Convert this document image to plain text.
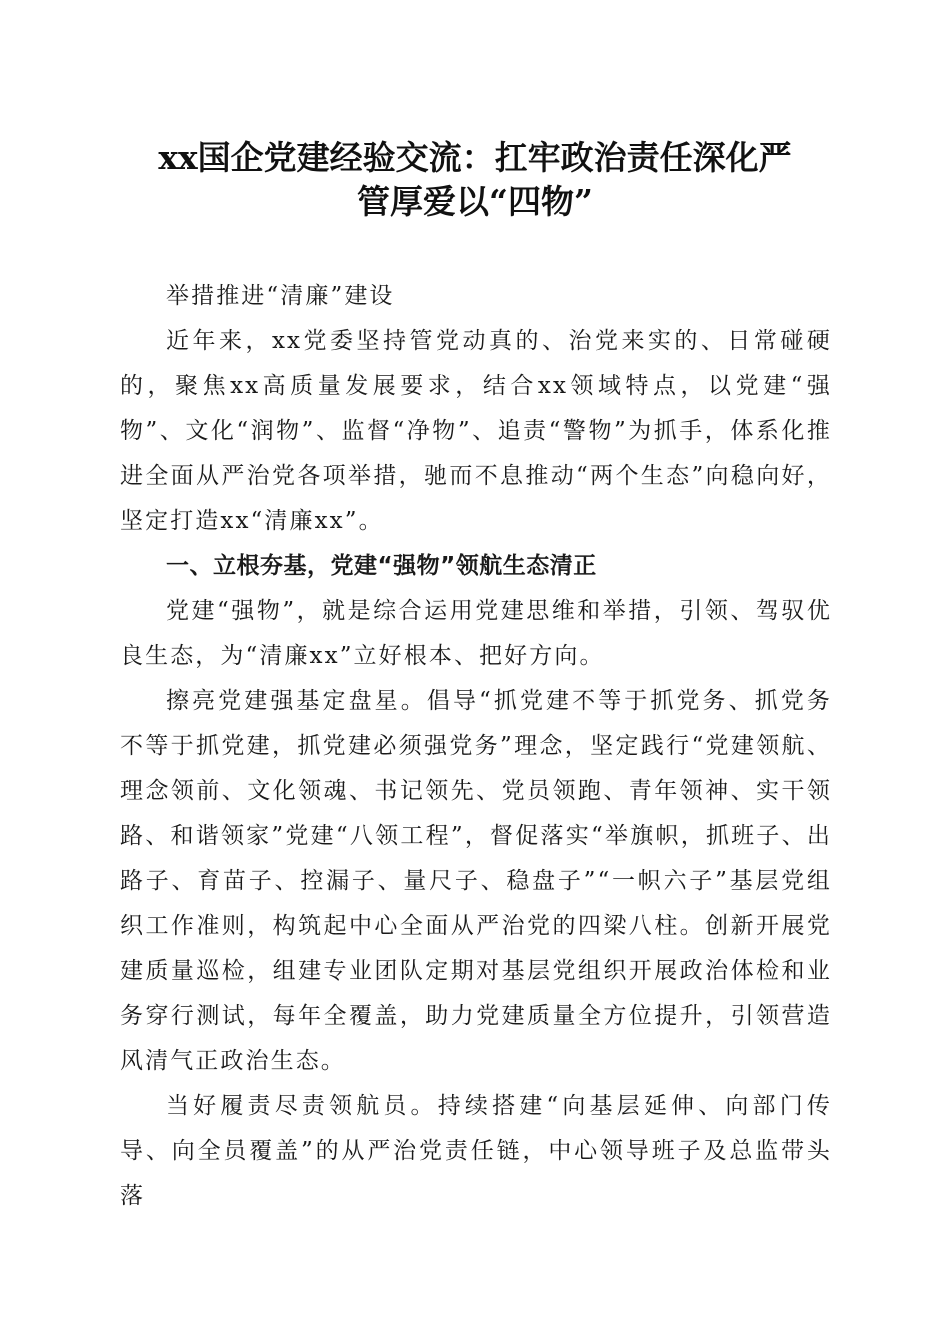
xx国企党建经验交流：扛牢政治责任深化严
管厚爱以“四物”

举措推进“清廉”建设

近年来，xx党委坚持管党动真的、治党来实的、日常碰硬的，聚焦xx高质量发展要求，结合xx领域特点，以党建“强物”、文化“润物”、监督“净物”、追责“警物”为抓手，体系化推进全面从严治党各项举措，驰而不息推动“两个生态”向稳向好，坚定打造xx“清廉xx”。

一、立根夯基，党建“强物”领航生态清正

党建“强物”，就是综合运用党建思维和举措，引领、驾驭优良生态，为“清廉xx”立好根本、把好方向。

擦亮党建强基定盘星。倡导“抓党建不等于抓党务、抓党务不等于抓党建，抓党建必须强党务”理念，坚定践行“党建领航、理念领前、文化领魂、书记领先、党员领跑、青年领神、实干领路、和谐领家”党建“八领工程”，督促落实“举旗帜，抓班子、出路子、育苗子、控漏子、量尺子、稳盘子”“一帜六子”基层党组织工作准则，构筑起中心全面从严治党的四梁八柱。创新开展党建质量巡检，组建专业团队定期对基层党组织开展政治体检和业务穿行测试，每年全覆盖，助力党建质量全方位提升，引领营造风清气正政治生态。

当好履责尽责领航员。持续搭建“向基层延伸、向部门传导、向全员覆盖”的从严治党责任链，中心领导班子及总监带头落
